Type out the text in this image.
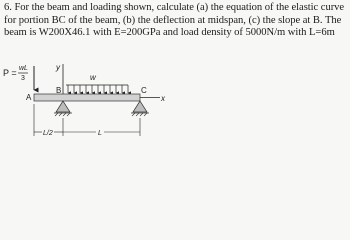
6. For the beam and loading shown, calculate (a) the equation of the elastic curve
for portion BC of the beam, (b) the deflection at midspan, (c) the slope at B. The
beam is W200X46.1 with E=200GPa and load density of 5000N/m with L=6m
P = wL
3
y
w
x
A
B	C
L/2	L
